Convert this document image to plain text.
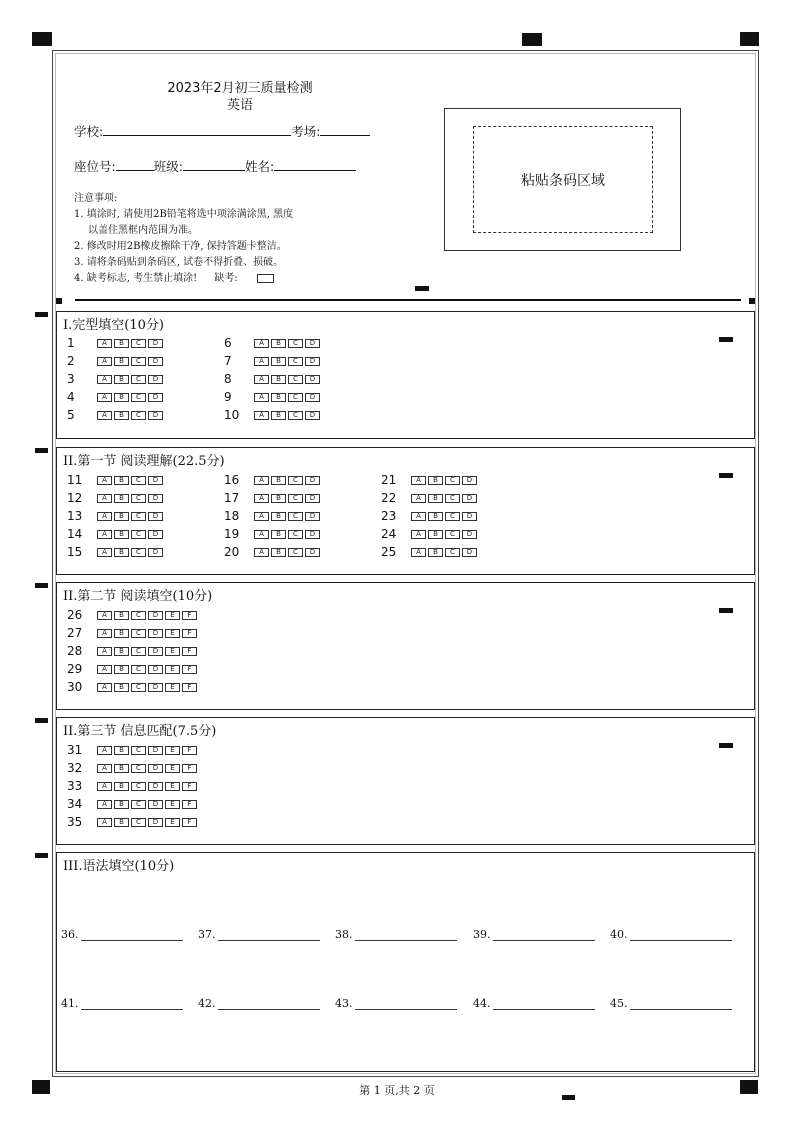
2023年2月初三质量检测
英语
学校:	考场:
座位号:	班级:	姓名:
粘贴条码区域
注意事项:
1. 填涂时, 请使用2B铅笔将选中项涂满涂黑, 黑度
以盖住黑框内范围为准。
2. 修改时用2B橡皮擦除干净, 保持答题卡整洁。
3. 请将条码贴到条码区, 试卷不得折叠、损破。
4. 缺考标志, 考生禁止填涂! 缺考:
I.完型填空(10分)
II.第一节 阅读理解(22.5分)
II.第二节 阅读填空(10分)
II.第三节 信息匹配(7.5分)
III.语法填空(10分)
1	A	B	C	D
2	A	B	C	D
3	A	B	C	D
4	A	B	C	D
5	A	B	C	D
6	A	B	C	D
7	A	B	C	D
8	A	B	C	D
9	A	B	C	D
10	A	B	C	D
11	A	B	C	D
12	A	B	C	D
13	A	B	C	D
14	A	B	C	D
15	A	B	C	D
16	A	B	C	D
17	A	B	C	D
18	A	B	C	D
19	A	B	C	D
20	A	B	C	D
21	A	B	C	D
22	A	B	C	D
23	A	B	C	D
24	A	B	C	D
25	A	B	C	D
26	A	B	C	D	E	F
27	A	B	C	D	E	F
28	A	B	C	D	E	F
29	A	B	C	D	E	F
30	A	B	C	D	E	F
31	A	B	C	D	E	F
32	A	B	C	D	E	F
33	A	B	C	D	E	F
34	A	B	C	D	E	F
35	A	B	C	D	E	F
36.	37.	38.	39.	40.
41.	42.	43.	44.	45.
第 1 页,共 2 页
